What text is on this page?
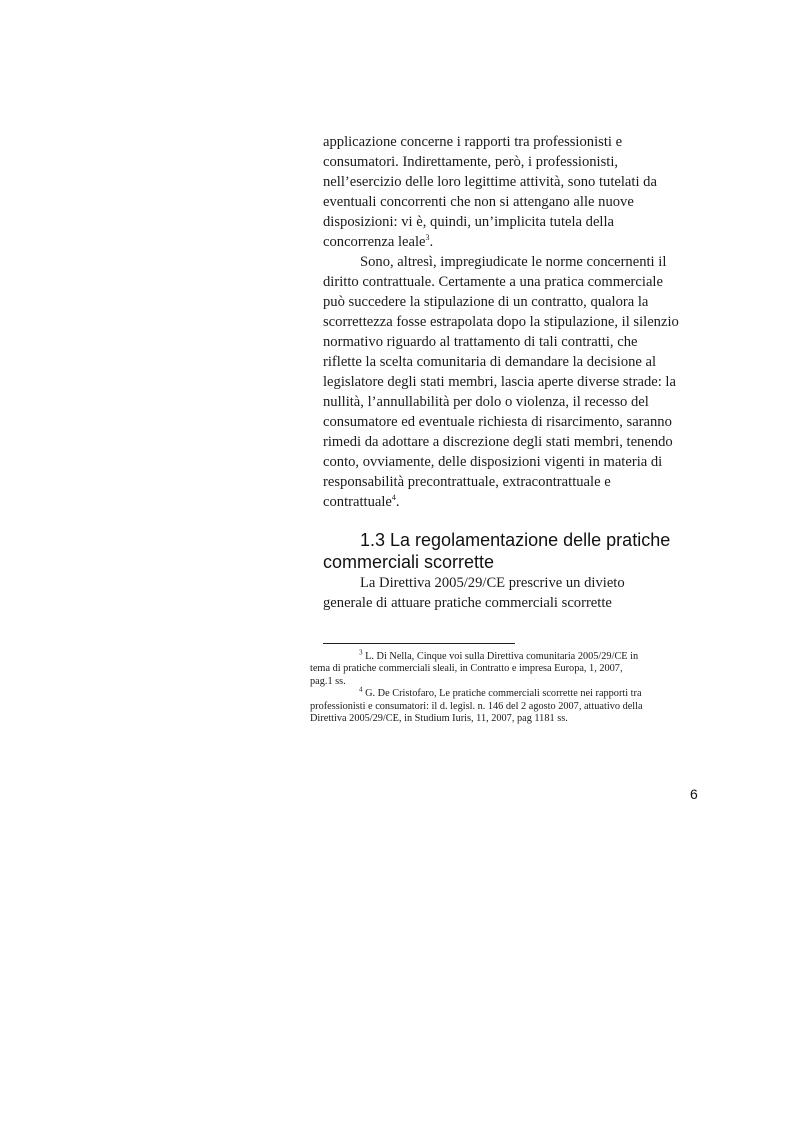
applicazione concerne i rapporti tra professionisti e
consumatori. Indirettamente, però, i professionisti,
nell’esercizio delle loro legittime attività, sono tutelati da
eventuali concorrenti che non si attengano alle nuove
disposizioni: vi è, quindi, un’implicita tutela della
concorrenza leale$^3$.
Sono, altresì, impregiudicate le norme concernenti il
diritto contrattuale. Certamente a una pratica commerciale
può succedere la stipulazione di un contratto, qualora la
scorrettezza fosse estrapolata dopo la stipulazione, il silenzio
normativo riguardo al trattamento di tali contratti, che
riflette la scelta comunitaria di demandare la decisione al
legislatore degli stati membri, lascia aperte diverse strade: la
nullità, l’annullabilità per dolo o violenza, il recesso del
consumatore ed eventuale richiesta di risarcimento, saranno
rimedi da adottare a discrezione degli stati membri, tenendo
conto, ovviamente, delle disposizioni vigenti in materia di
responsabilità precontrattuale, extracontrattuale e
contrattuale$^4$.
1.3 La regolamentazione delle pratiche
commerciali scorrette
La Direttiva 2005/29/CE prescrive un divieto
generale di attuare pratiche commerciali scorrette
$^3$ L. Di Nella, Cinque voi sulla Direttiva comunitaria 2005/29/CE in
tema di pratiche commerciali sleali, in Contratto e impresa Europa, 1, 2007,
pag.1 ss.
$^4$ G. De Cristofaro, Le pratiche commerciali scorrette nei rapporti tra
professionisti e consumatori: il d. legisl. n. 146 del 2 agosto 2007, attuativo della
Direttiva 2005/29/CE, in Studium Iuris, 11, 2007, pag 1181 ss.
6
